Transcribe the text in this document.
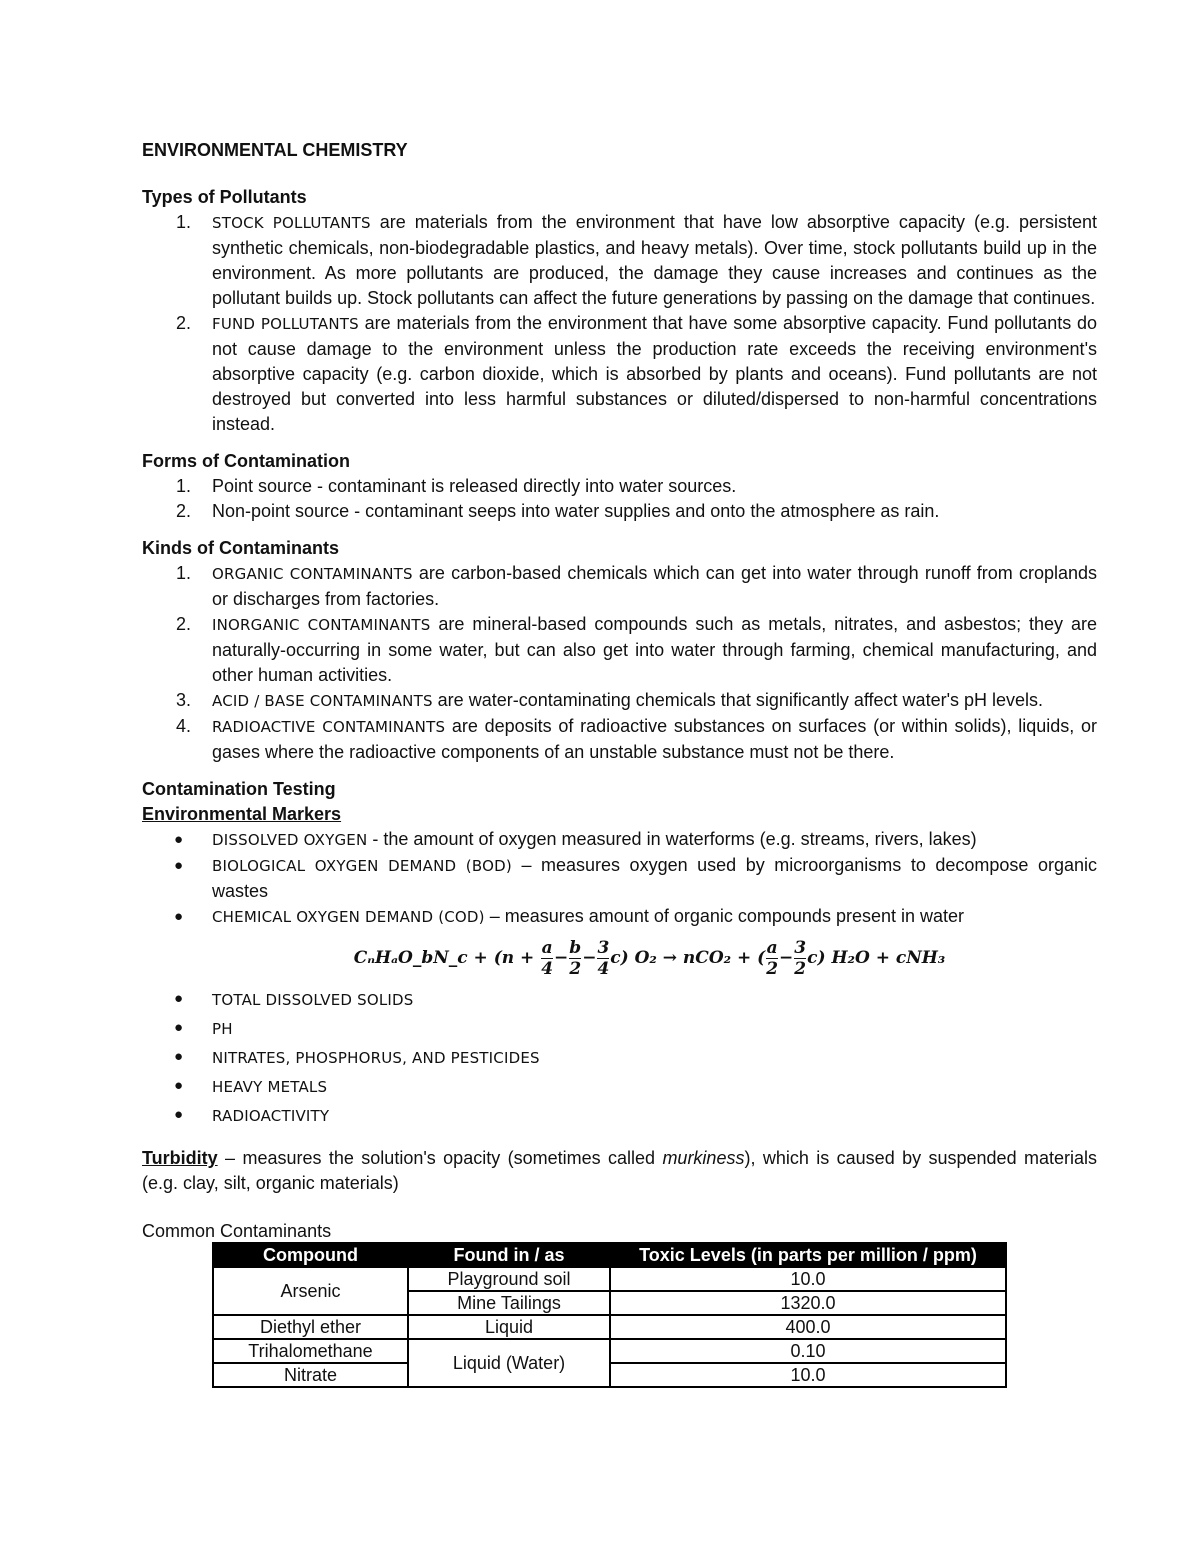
ENVIRONMENTAL CHEMISTRY

Types of Pollutants

1. STOCK POLLUTANTS are materials from the environment that have low absorptive capacity (e.g. persistent synthetic chemicals, non-biodegradable plastics, and heavy metals). Over time, stock pollutants build up in the environment. As more pollutants are produced, the damage they cause increases and continues as the pollutant builds up. Stock pollutants can affect the future generations by passing on the damage that continues.
2. FUND POLLUTANTS are materials from the environment that have some absorptive capacity. Fund pollutants do not cause damage to the environment unless the production rate exceeds the receiving environment's absorptive capacity (e.g. carbon dioxide, which is absorbed by plants and oceans). Fund pollutants are not destroyed but converted into less harmful substances or diluted/dispersed to non-harmful concentrations instead.

Forms of Contamination

1. Point source - contaminant is released directly into water sources.
2. Non-point source - contaminant seeps into water supplies and onto the atmosphere as rain.

Kinds of Contaminants

1. ORGANIC CONTAMINANTS are carbon-based chemicals which can get into water through runoff from croplands or discharges from factories.
2. INORGANIC CONTAMINANTS are mineral-based compounds such as metals, nitrates, and asbestos; they are naturally-occurring in some water, but can also get into water through farming, chemical manufacturing, and other human activities.
3. ACID / BASE CONTAMINANTS are water-contaminating chemicals that significantly affect water's pH levels.
4. RADIOACTIVE CONTAMINANTS are deposits of radioactive substances on surfaces (or within solids), liquids, or gases where the radioactive components of an unstable substance must not be there.

Contamination Testing

Environmental Markers

● DISSOLVED OXYGEN - the amount of oxygen measured in waterforms (e.g. streams, rivers, lakes)
● BIOLOGICAL OXYGEN DEMAND (BOD) – measures oxygen used by microorganisms to decompose organic wastes
● CHEMICAL OXYGEN DEMAND (COD) – measures amount of organic compounds present in water
CₙHₐO_bN_c + $(n + \frac{a}{4} - \frac{b}{2} - \frac{3}{4} c)$ O₂ → nCO₂ + ( $\frac{a}{2} - \frac{3}{2} c$) H₂O + cNH₃
● TOTAL DISSOLVED SOLIDS
● PH
● NITRATES, PHOSPHORUS, AND PESTICIDES
● HEAVY METALS
● RADIOACTIVITY

Turbidity – measures the solution's opacity (sometimes called murkiness), which is caused by suspended materials (e.g. clay, silt, organic materials)

Common Contaminants

Compound	Found in / as	Toxic Levels (in parts per million / ppm)
Arsenic	Playground soil	10.0
	Mine Tailings	1320.0
Diethyl ether	Liquid	400.0
Trihalomethane	Liquid (Water)	0.10
Nitrate		10.0
